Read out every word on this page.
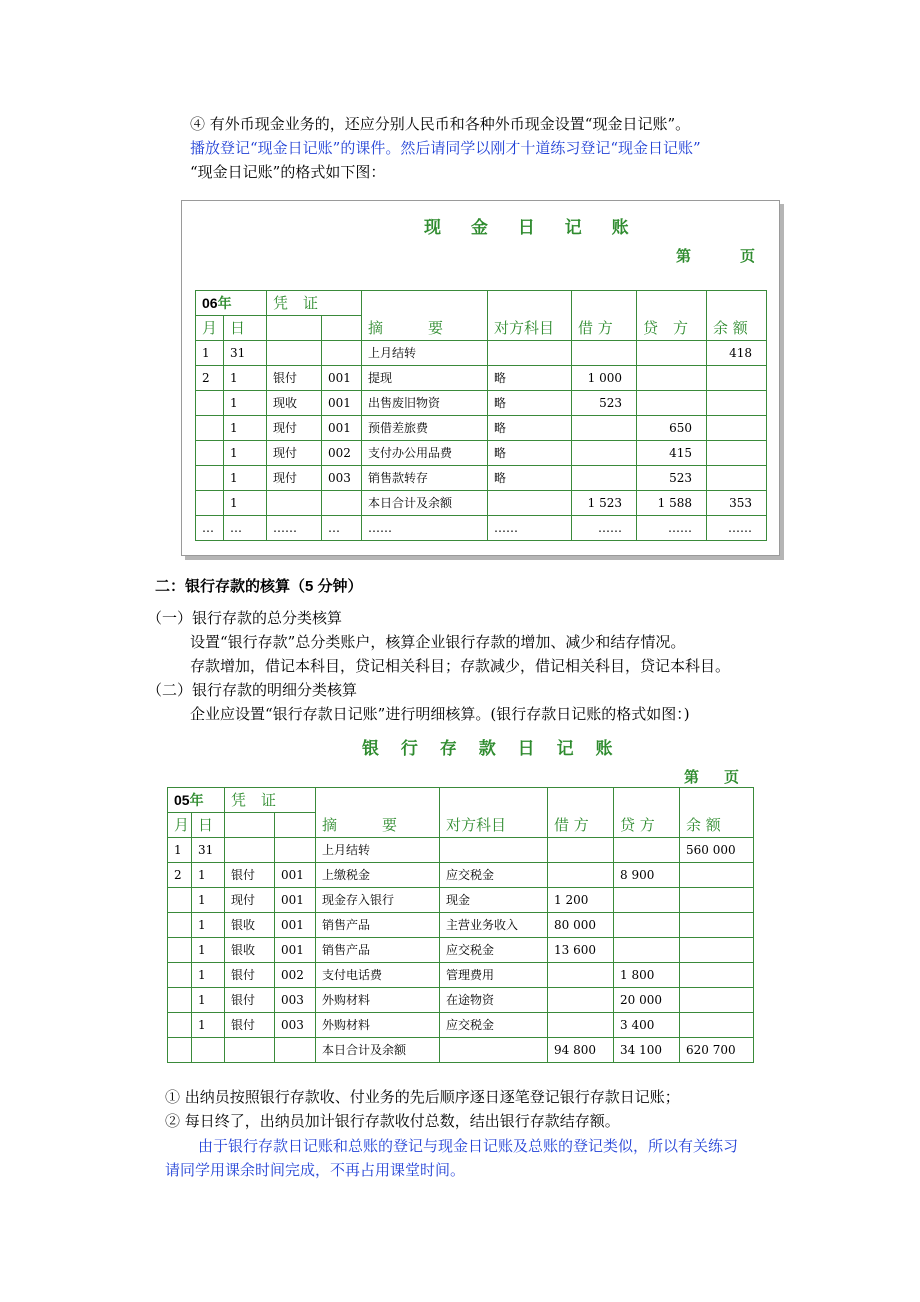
④ 有外币现金业务的，还应分别人民币和各种外币现金设置“现金日记账”。
播放登记“现金日记账”的课件。然后请同学以刚才十道练习登记“现金日记账”
“现金日记账”的格式如下图：
现 金 日 记 账
第	页
06年		凭　证		摘　　　要	对方科目	借 方	贷　方	余 额
月	日							
1	31			上月结转				418
2	1	银付	001	提现	略	1 000		
	1	现收	001	出售废旧物资	略	523		
	1	现付	001	预借差旅费	略		650	
	1	现付	002	支付办公用品费	略		415	
	1	现付	003	销售款转存	略		523	
	1			本日合计及余额		1 523	1 588	353
…	…	……	…	……	……	……	……	……
二：银行存款的核算（5 分钟）
（一）银行存款的总分类核算
设置“银行存款”总分类账户，核算企业银行存款的增加、减少和结存情况。
存款增加，借记本科目，贷记相关科目；存款减少，借记相关科目，贷记本科目。
（二）银行存款的明细分类核算
企业应设置“银行存款日记账”进行明细核算。(银行存款日记账的格式如图：)
银 行 存 款 日 记 账
第 页
05年		凭　证		摘　　　要	对方科目	借 方	贷 方	余 额
月	日							
1	31			上月结转				560 000
2	1	银付	001	上缴税金	应交税金		8 900	
	1	现付	001	现金存入银行	现金	1 200		
	1	银收	001	销售产品	主营业务收入	80 000		
	1	银收	001	销售产品	应交税金	13 600		
	1	银付	002	支付电话费	管理费用		1 800	
	1	银付	003	外购材料	在途物资		20 000	
	1	银付	003	外购材料	应交税金		3 400	
				本日合计及余额		94 800	34 100	620 700
① 出纳员按照银行存款收、付业务的先后顺序逐日逐笔登记银行存款日记账；
② 每日终了，出纳员加计银行存款收付总数，结出银行存款结存额。
由于银行存款日记账和总账的登记与现金日记账及总账的登记类似，所以有关练习
请同学用课余时间完成，不再占用课堂时间。
